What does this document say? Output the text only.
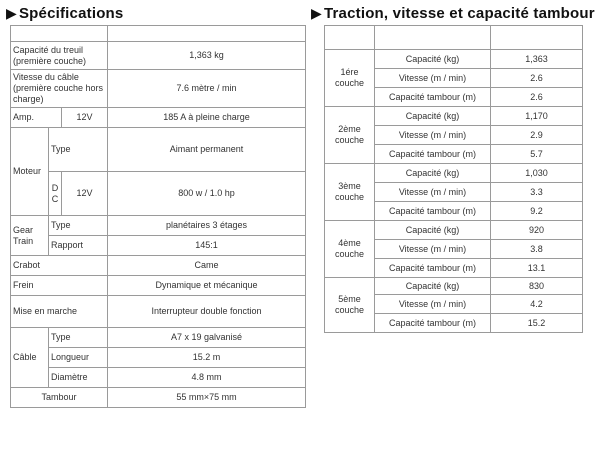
▶ Spécifications	▶ Traction, vitesse et capacité tambour

Capacité du treuil (première couche)			1,363 kg
Vitesse du câble (première couche hors charge)			7.6 mètre / min
Amp.		12V	185 A à pleine charge
Moteur	Type		Aimant permanent
	D C	12V	800 w / 1.0 hp
Gear Train	Type		planétaires 3 étages
	Rapport		145:1
Crabot			Came
Frein			Dynamique et mécanique
Mise en marche			Interrupteur double fonction
Câble	Type		A7 x 19 galvanisé
	Longueur		15.2 m
	Diamètre		4.8 mm
Tambour			55 mm×75 mm

1ére couche	Capacité (kg)	1,363
	Vitesse (m / min)	2.6
	Capacité tambour (m)	2.6
2ème couche	Capacité (kg)	1,170
	Vitesse (m / min)	2.9
	Capacité tambour (m)	5.7
3ème couche	Capacité (kg)	1,030
	Vitesse (m / min)	3.3
	Capacité tambour (m)	9.2
4ème couche	Capacité (kg)	920
	Vitesse (m / min)	3.8
	Capacité tambour (m)	13.1
5ème couche	Capacité (kg)	830
	Vitesse (m / min)	4.2
	Capacité tambour (m)	15.2
